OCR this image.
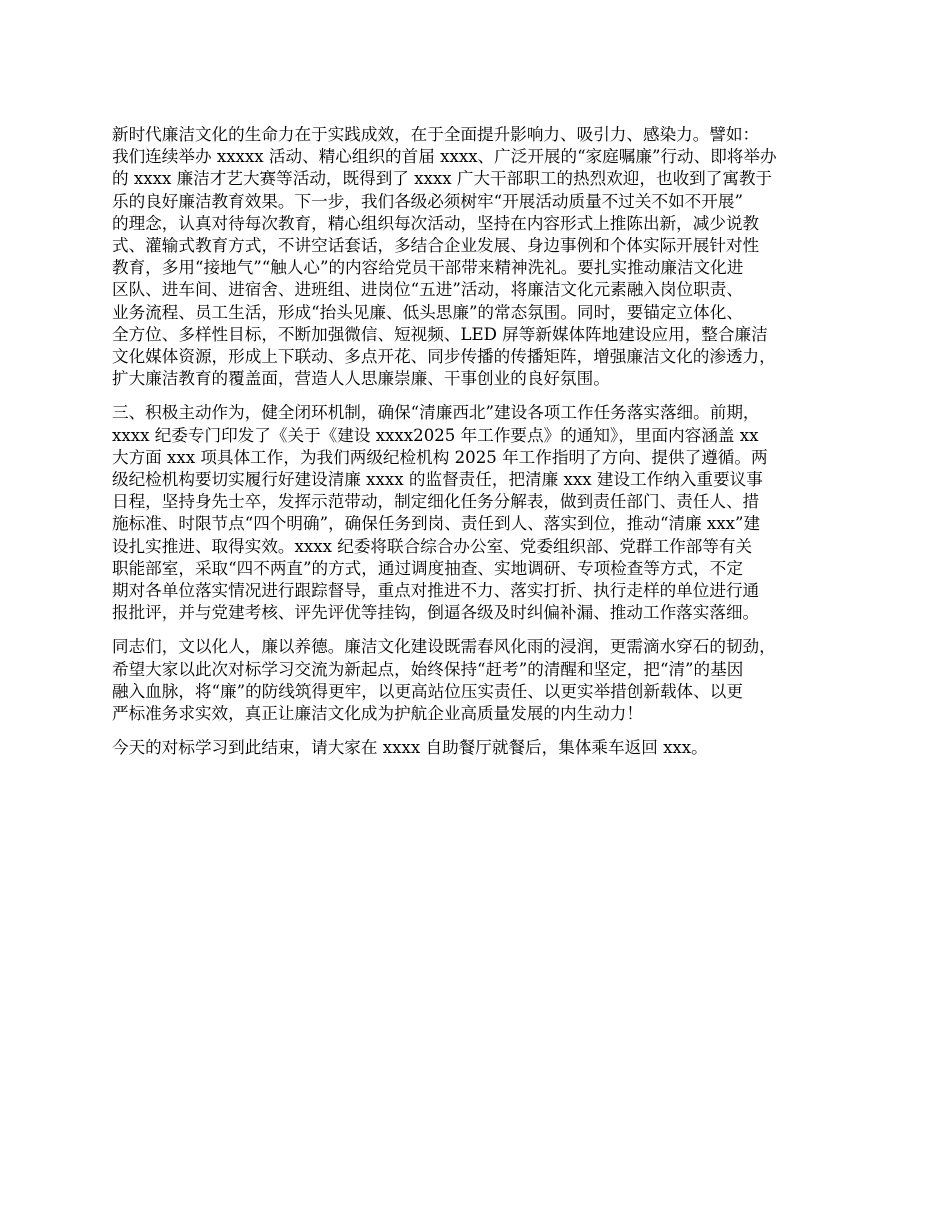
新时代廉洁文化的生命力在于实践成效，在于全面提升影响力、吸引力、感染力。譬如：
我们连续举办 xxxxx 活动、精心组织的首届 xxxx、广泛开展的“家庭嘱廉”行动、即将举办
的 xxxx 廉洁才艺大赛等活动，既得到了 xxxx 广大干部职工的热烈欢迎，也收到了寓教于
乐的良好廉洁教育效果。下一步，我们各级必须树牢“开展活动质量不过关不如不开展”
的理念，认真对待每次教育，精心组织每次活动，坚持在内容形式上推陈出新，减少说教
式、灌输式教育方式，不讲空话套话，多结合企业发展、身边事例和个体实际开展针对性
教育，多用“接地气”“触人心”的内容给党员干部带来精神洗礼。要扎实推动廉洁文化进
区队、进车间、进宿舍、进班组、进岗位“五进”活动，将廉洁文化元素融入岗位职责、
业务流程、员工生活，形成“抬头见廉、低头思廉”的常态氛围。同时，要锚定立体化、
全方位、多样性目标，不断加强微信、短视频、LED 屏等新媒体阵地建设应用，整合廉洁
文化媒体资源，形成上下联动、多点开花、同步传播的传播矩阵，增强廉洁文化的渗透力，
扩大廉洁教育的覆盖面，营造人人思廉崇廉、干事创业的良好氛围。

三、积极主动作为，健全闭环机制，确保“清廉西北”建设各项工作任务落实落细。前期，
xxxx 纪委专门印发了《关于《建设 xxxx2025 年工作要点》的通知》，里面内容涵盖 xx
大方面 xxx 项具体工作，为我们两级纪检机构 2025 年工作指明了方向、提供了遵循。两
级纪检机构要切实履行好建设清廉 xxxx 的监督责任，把清廉 xxx 建设工作纳入重要议事
日程，坚持身先士卒，发挥示范带动，制定细化任务分解表，做到责任部门、责任人、措
施标准、时限节点“四个明确”，确保任务到岗、责任到人、落实到位，推动“清廉 xxx”建
设扎实推进、取得实效。xxxx 纪委将联合综合办公室、党委组织部、党群工作部等有关
职能部室，采取“四不两直”的方式，通过调度抽查、实地调研、专项检查等方式，不定
期对各单位落实情况进行跟踪督导，重点对推进不力、落实打折、执行走样的单位进行通
报批评，并与党建考核、评先评优等挂钩，倒逼各级及时纠偏补漏、推动工作落实落细。

同志们，文以化人，廉以养德。廉洁文化建设既需春风化雨的浸润，更需滴水穿石的韧劲，
希望大家以此次对标学习交流为新起点，始终保持“赶考”的清醒和坚定，把“清”的基因
融入血脉，将“廉”的防线筑得更牢，以更高站位压实责任、以更实举措创新载体、以更
严标准务求实效，真正让廉洁文化成为护航企业高质量发展的内生动力！

今天的对标学习到此结束，请大家在 xxxx 自助餐厅就餐后，集体乘车返回 xxx。
